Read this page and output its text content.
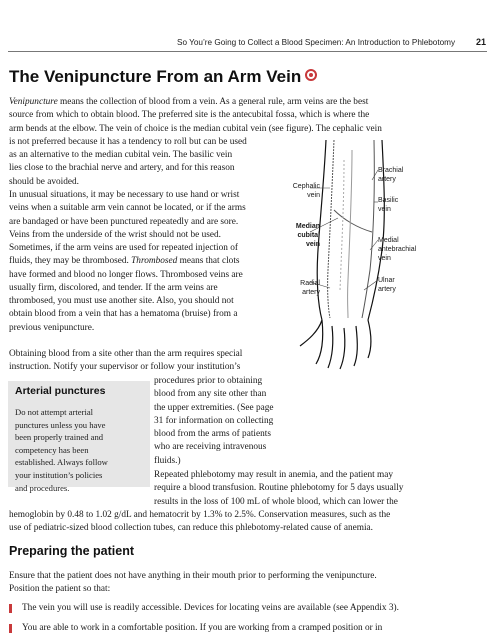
So You’re Going to Collect a Blood Specimen: An Introduction to Phlebotomy 21
The Venipuncture From an Arm Vein

Venipuncture means the collection of blood from a vein. As a general rule, arm veins are the best

source from which to obtain blood. The preferred site is the antecubital fossa, which is where the

arm bends at the elbow. The vein of choice is the median cubital vein (see figure). The cephalic vein

is not preferred because it has a tendency to roll but can be used

as an alternative to the median cubital vein. The basilic vein

lies close to the brachial nerve and artery, and for this reason

should be avoided.

In unusual situations, it may be necessary to use hand or wrist

veins when a suitable arm vein cannot be located, or if the arms

are bandaged or have been punctured repeatedly and are sore.

Veins from the underside of the wrist should not be used.

Sometimes, if the arm veins are used for repeated injection of

fluids, they may be thrombosed. Thrombosed means that clots

have formed and blood no longer flows. Thrombosed veins are

usually firm, discolored, and tender. If the arm veins are

thrombosed, you must use another site. Also, you should not

obtain blood from a vein that has a hematoma (bruise) from a

previous venipuncture.

Obtaining blood from a site other than the arm requires special

instruction. Notify your supervisor or follow your institution’s

procedures prior to obtaining

blood from any site other than

the upper extremities. (See page

31 for information on collecting

blood from the arms of patients

who are receiving intravenous

fluids.)

Arterial punctures
Do not attempt arterial
punctures unless you have
been properly trained and
competency has been
established. Always follow
your institution’s policies
and procedures.

Repeated phlebotomy may result in anemia, and the patient may

require a blood transfusion. Routine phlebotomy for 5 days usually

results in the loss of 100 mL of whole blood, which can lower the

hemoglobin by 0.48 to 1.02 g/dL and hematocrit by 1.3% to 2.5%. Conservation measures, such as the

use of pediatric-sized blood collection tubes, can reduce this phlebotomy-related cause of anemia.

Preparing the patient

Ensure that the patient does not have anything in their mouth prior to performing the venipuncture.

Position the patient so that:

The vein you will use is readily accessible. Devices for locating veins are available (see Appendix 3).

You are able to work in a comfortable position. If you are working from a cramped position or in

Cephalic
vein
Median
cubital
vein
Radial
artery
Brachial
artery
Basilic
vein
Medial
antebrachial
vein
Ulnar
artery
